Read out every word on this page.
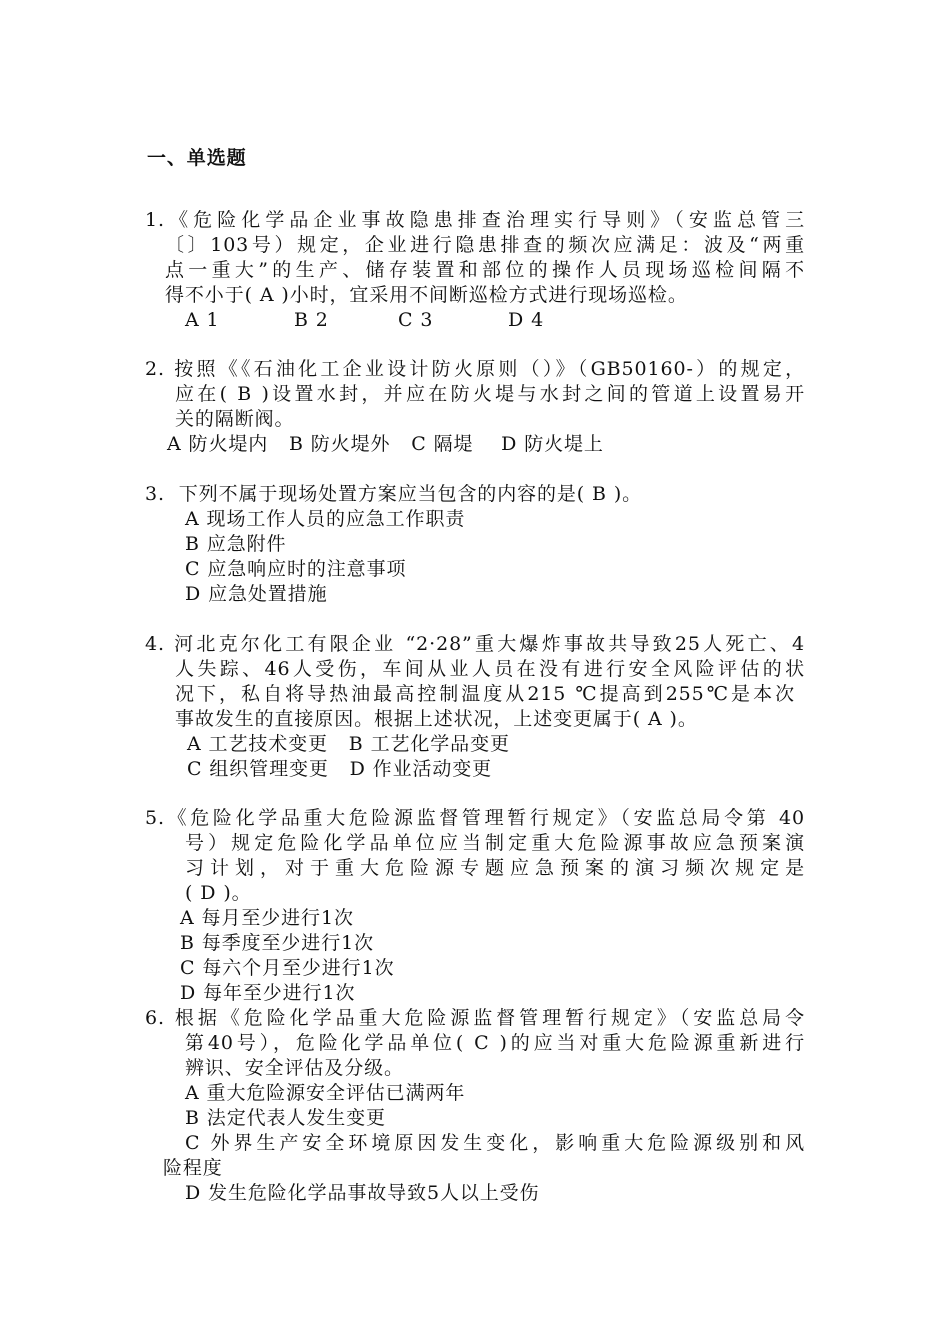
一、单选题
1.《危险化学品企业事故隐患排查治理实行导则》（安监总管三
〔〕103号）规定，企业进行隐患排查的频次应满足：波及“两重
点一重大”的生产、储存装置和部位的操作人员现场巡检间隔不
得不小于( A )小时，宜采用不间断巡检方式进行现场巡检。
A 1	B 2	C 3	D 4
2. 按照《《石油化工企业设计防火原则（）》（GB50160-）的规定，
应在( B )设置水封，并应在防火堤与水封之间的管道上设置易开
关的隔断阀。
A 防火堤内   B 防火堤外   C 隔堤    D 防火堤上
3.  下列不属于现场处置方案应当包含的内容的是( B )。
A 现场工作人员的应急工作职责
B 应急附件
C 应急响应时的注意事项
D 应急处置措施
4. 河北克尔化工有限企业 “2·28”重大爆炸事故共导致25人死亡、4
人失踪、46人受伤，车间从业人员在没有进行安全风险评估的状
况下，私自将导热油最高控制温度从215 ℃提高到255℃是本次
事故发生的直接原因。根据上述状况，上述变更属于( A )。
A 工艺技术变更   B 工艺化学品变更
C 组织管理变更   D 作业活动变更
5.《危险化学品重大危险源监督管理暂行规定》（安监总局令第 40
号）规定危险化学品单位应当制定重大危险源事故应急预案演
习计划，对于重大危险源专题应急预案的演习频次规定是
( D )。
A 每月至少进行1次
B 每季度至少进行1次
C 每六个月至少进行1次
D 每年至少进行1次
6. 根据《危险化学品重大危险源监督管理暂行规定》（安监总局令
第40号），危险化学品单位( C )的应当对重大危险源重新进行
辨识、安全评估及分级。
A 重大危险源安全评估已满两年
B 法定代表人发生变更
C 外界生产安全环境原因发生变化，影响重大危险源级别和风
险程度
D 发生危险化学品事故导致5人以上受伤
